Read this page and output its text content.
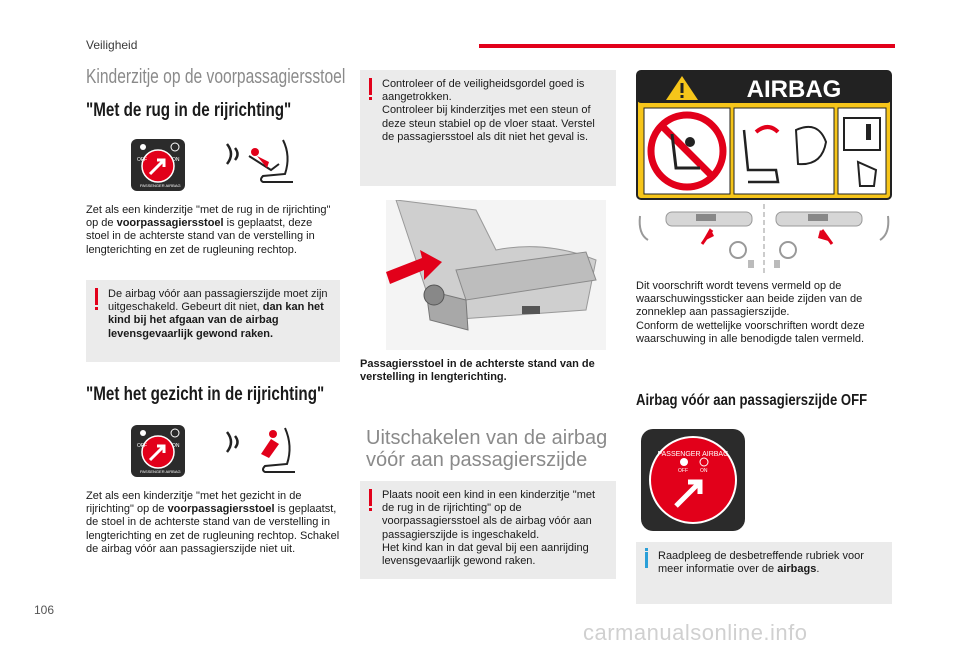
Veiligheid
Kinderzitje op de voorpassagiersstoel
"Met de rug in de rijrichting"
OFF	ON
PASSENGER AIRBAG
Zet als een kinderzitje "met de rug in de rijrichting" op de voorpassagiersstoel is geplaatst, deze stoel in de achterste stand van de verstelling in lengterichting en zet de rugleuning rechtop.
De airbag vóór aan passagierszijde moet zijn uitgeschakeld. Gebeurt dit niet, dan kan het kind bij het afgaan van de airbag levensgevaarlijk gewond raken.
"Met het gezicht in de rijrichting"
OFF	ON
PASSENGER AIRBAG
Zet als een kinderzitje "met het gezicht in de rijrichting" op de voorpassagiersstoel is geplaatst, de stoel in de achterste stand van de verstelling in lengterichting en zet de rugleuning rechtop. Schakel de airbag vóór aan passagierszijde niet uit.
Controleer of de veiligheidsgordel goed is aangetrokken.
Controleer bij kinderzitjes met een steun of deze steun stabiel op de vloer staat. Verstel de passagiersstoel als dit niet het geval is.
Passagiersstoel in de achterste stand van de verstelling in lengterichting.
Uitschakelen van de airbag
vóór aan passagierszijde
Plaats nooit een kind in een kinderzitje "met de rug in de rijrichting" op de voorpassagiersstoel als de airbag vóór aan passagierszijde is ingeschakeld.
Het kind kan in dat geval bij een aanrijding levensgevaarlijk gewond raken.
AIRBAG
Dit voorschrift wordt tevens vermeld op de waarschuwingssticker aan beide zijden van de zonneklep aan passagierszijde.
Conform de wettelijke voorschriften wordt deze waarschuwing in alle benodigde talen vermeld.
Airbag vóór aan passagierszijde OFF
PASSENGER AIRBAG
OFF ON
Raadpleeg de desbetreffende rubriek voor meer informatie over de airbags.
106
carmanualsonline.info
